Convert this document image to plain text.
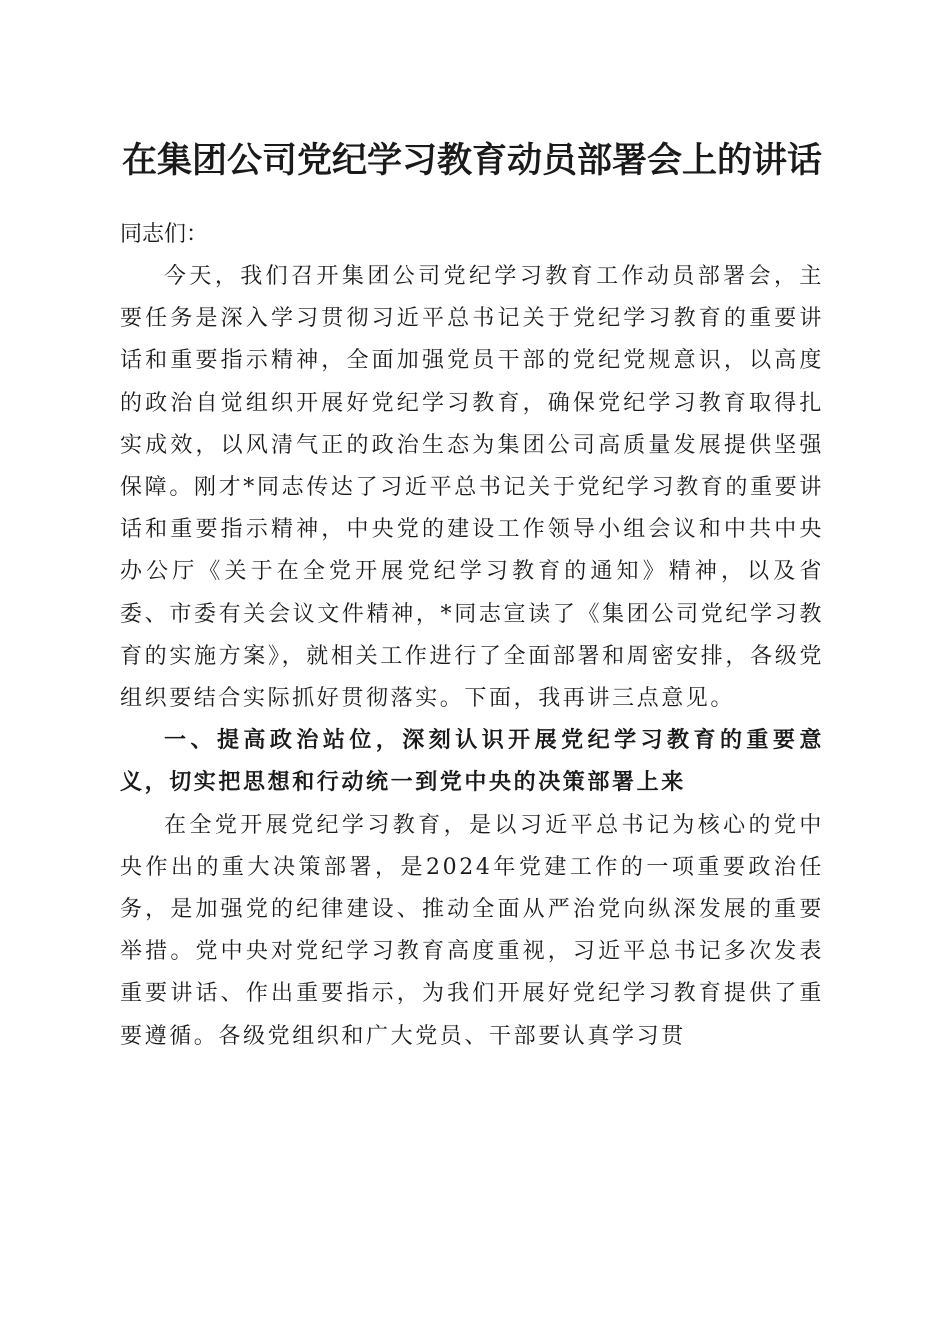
在集团公司党纪学习教育动员部署会上的讲话

同志们：

今天，我们召开集团公司党纪学习教育工作动员部署会，主要任务是深入学习贯彻习近平总书记关于党纪学习教育的重要讲话和重要指示精神，全面加强党员干部的党纪党规意识，以高度的政治自觉组织开展好党纪学习教育，确保党纪学习教育取得扎实成效，以风清气正的政治生态为集团公司高质量发展提供坚强保障。刚才*同志传达了习近平总书记关于党纪学习教育的重要讲话和重要指示精神，中央党的建设工作领导小组会议和中共中央办公厅《关于在全党开展党纪学习教育的通知》精神，以及省委、市委有关会议文件精神，*同志宣读了《集团公司党纪学习教育的实施方案》，就相关工作进行了全面部署和周密安排，各级党组织要结合实际抓好贯彻落实。下面，我再讲三点意见。

一、提高政治站位，深刻认识开展党纪学习教育的重要意义，切实把思想和行动统一到党中央的决策部署上来

在全党开展党纪学习教育，是以习近平总书记为核心的党中央作出的重大决策部署，是2024年党建工作的一项重要政治任务，是加强党的纪律建设、推动全面从严治党向纵深发展的重要举措。党中央对党纪学习教育高度重视，习近平总书记多次发表重要讲话、作出重要指示，为我们开展好党纪学习教育提供了重要遵循。各级党组织和广大党员、干部要认真学习贯
